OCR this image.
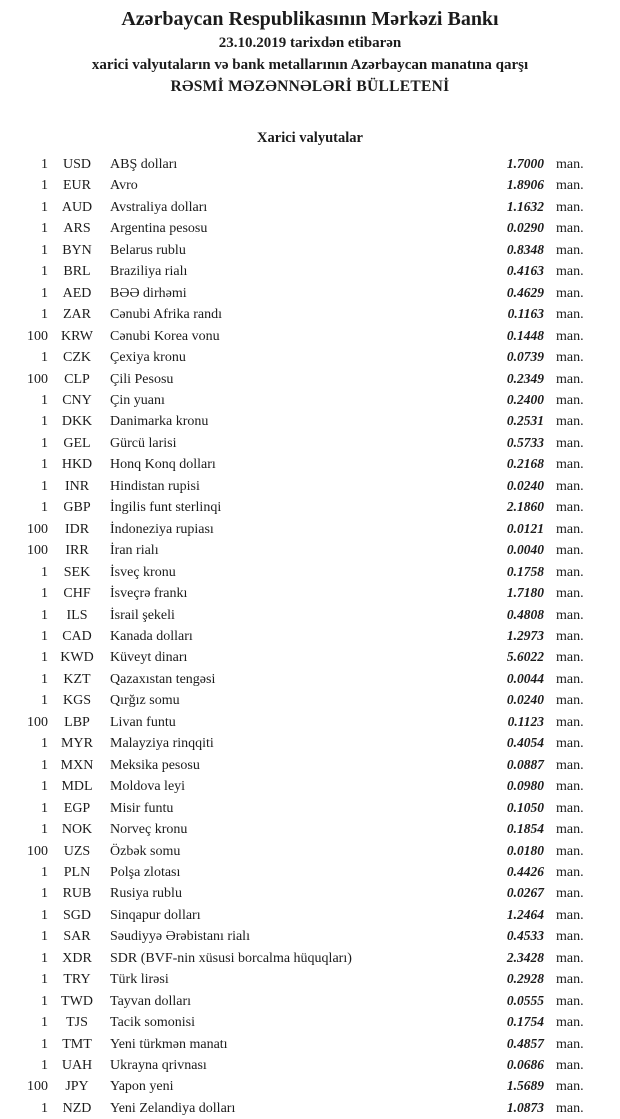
Azərbaycan Respublikasının Mərkəzi Bankı
23.10.2019 tarixdən etibarən
xarici valyutaların və bank metallarının Azərbaycan manatına qarşı
RƏSMİ MƏZƏNNƏLƏRİ BÜLLETENİ
Xarici valyutalar
1	USD	ABŞ dolları	1.7000 man.
1	EUR	Avro	1.8906 man.
1 AUD	Avstraliya dolları	1.1632 man.
1	ARS	Argentina pesosu	0.0290 man.
1	BYN	Belarus rublu	0.8348 man.
1	BRL	Braziliya rialı	0.4163 man.
1	AED	BƏƏ dirhəmi	0.4629 man.
1	ZAR	Cənubi Afrika randı	0.1163 man.
100 KRW	Cənubi Korea vonu	0.1448 man.
1	CZK	Çexiya kronu	0.0739 man.
100	CLP	Çili Pesosu	0.2349 man.
1	CNY	Çin yuanı	0.2400 man.
1 DKK	Danimarka kronu	0.2531 man.
1	GEL	Gürcü larisi	0.5733 man.
1 HKD	Honq Konq dolları	0.2168 man.
1	INR	Hindistan rupisi	0.0240 man.
1	GBP	İngilis funt sterlinqi	2.1860 man.
100	IDR	İndoneziya rupiası	0.0121 man.
100	IRR	İran rialı	0.0040 man.
1	SEK	İsveç kronu	0.1758 man.
1	CHF	İsveçrə frankı	1.7180 man.
1	ILS	İsrail şekeli	0.4808 man.
1	CAD	Kanada dolları	1.2973 man.
1 KWD	Küveyt dinarı	5.6022 man.
1	KZT	Qazaxıstan tengəsi	0.0044 man.
1	KGS	Qırğız somu	0.0240 man.
100	LBP	Livan funtu	0.1123 man.
1 MYR	Malayziya rinqqiti	0.4054 man.
1 MXN	Meksika pesosu	0.0887 man.
1 MDL	Moldova leyi	0.0980 man.
1	EGP	Misir funtu	0.1050 man.
1 NOK	Norveç kronu	0.1854 man.
100	UZS	Özbək somu	0.0180 man.
1	PLN	Polşa zlotası	0.4426 man.
1	RUB	Rusiya rublu	0.0267 man.
1	SGD	Sinqapur dolları	1.2464 man.
1	SAR	Səudiyyə Ərəbistanı rialı	0.4533 man.
1	XDR	SDR (BVF-nin xüsusi borcalma hüquqları)	2.3428 man.
1	TRY	Türk lirəsi	0.2928 man.
1 TWD	Tayvan dolları	0.0555 man.
1	TJS	Tacik somonisi	0.1754 man.
1	TMT	Yeni türkmən manatı	0.4857 man.
1 UAH	Ukrayna qrivnası	0.0686 man.
100	JPY	Yapon yeni	1.5689 man.
1	NZD	Yeni Zelandiya dolları	1.0873 man.
